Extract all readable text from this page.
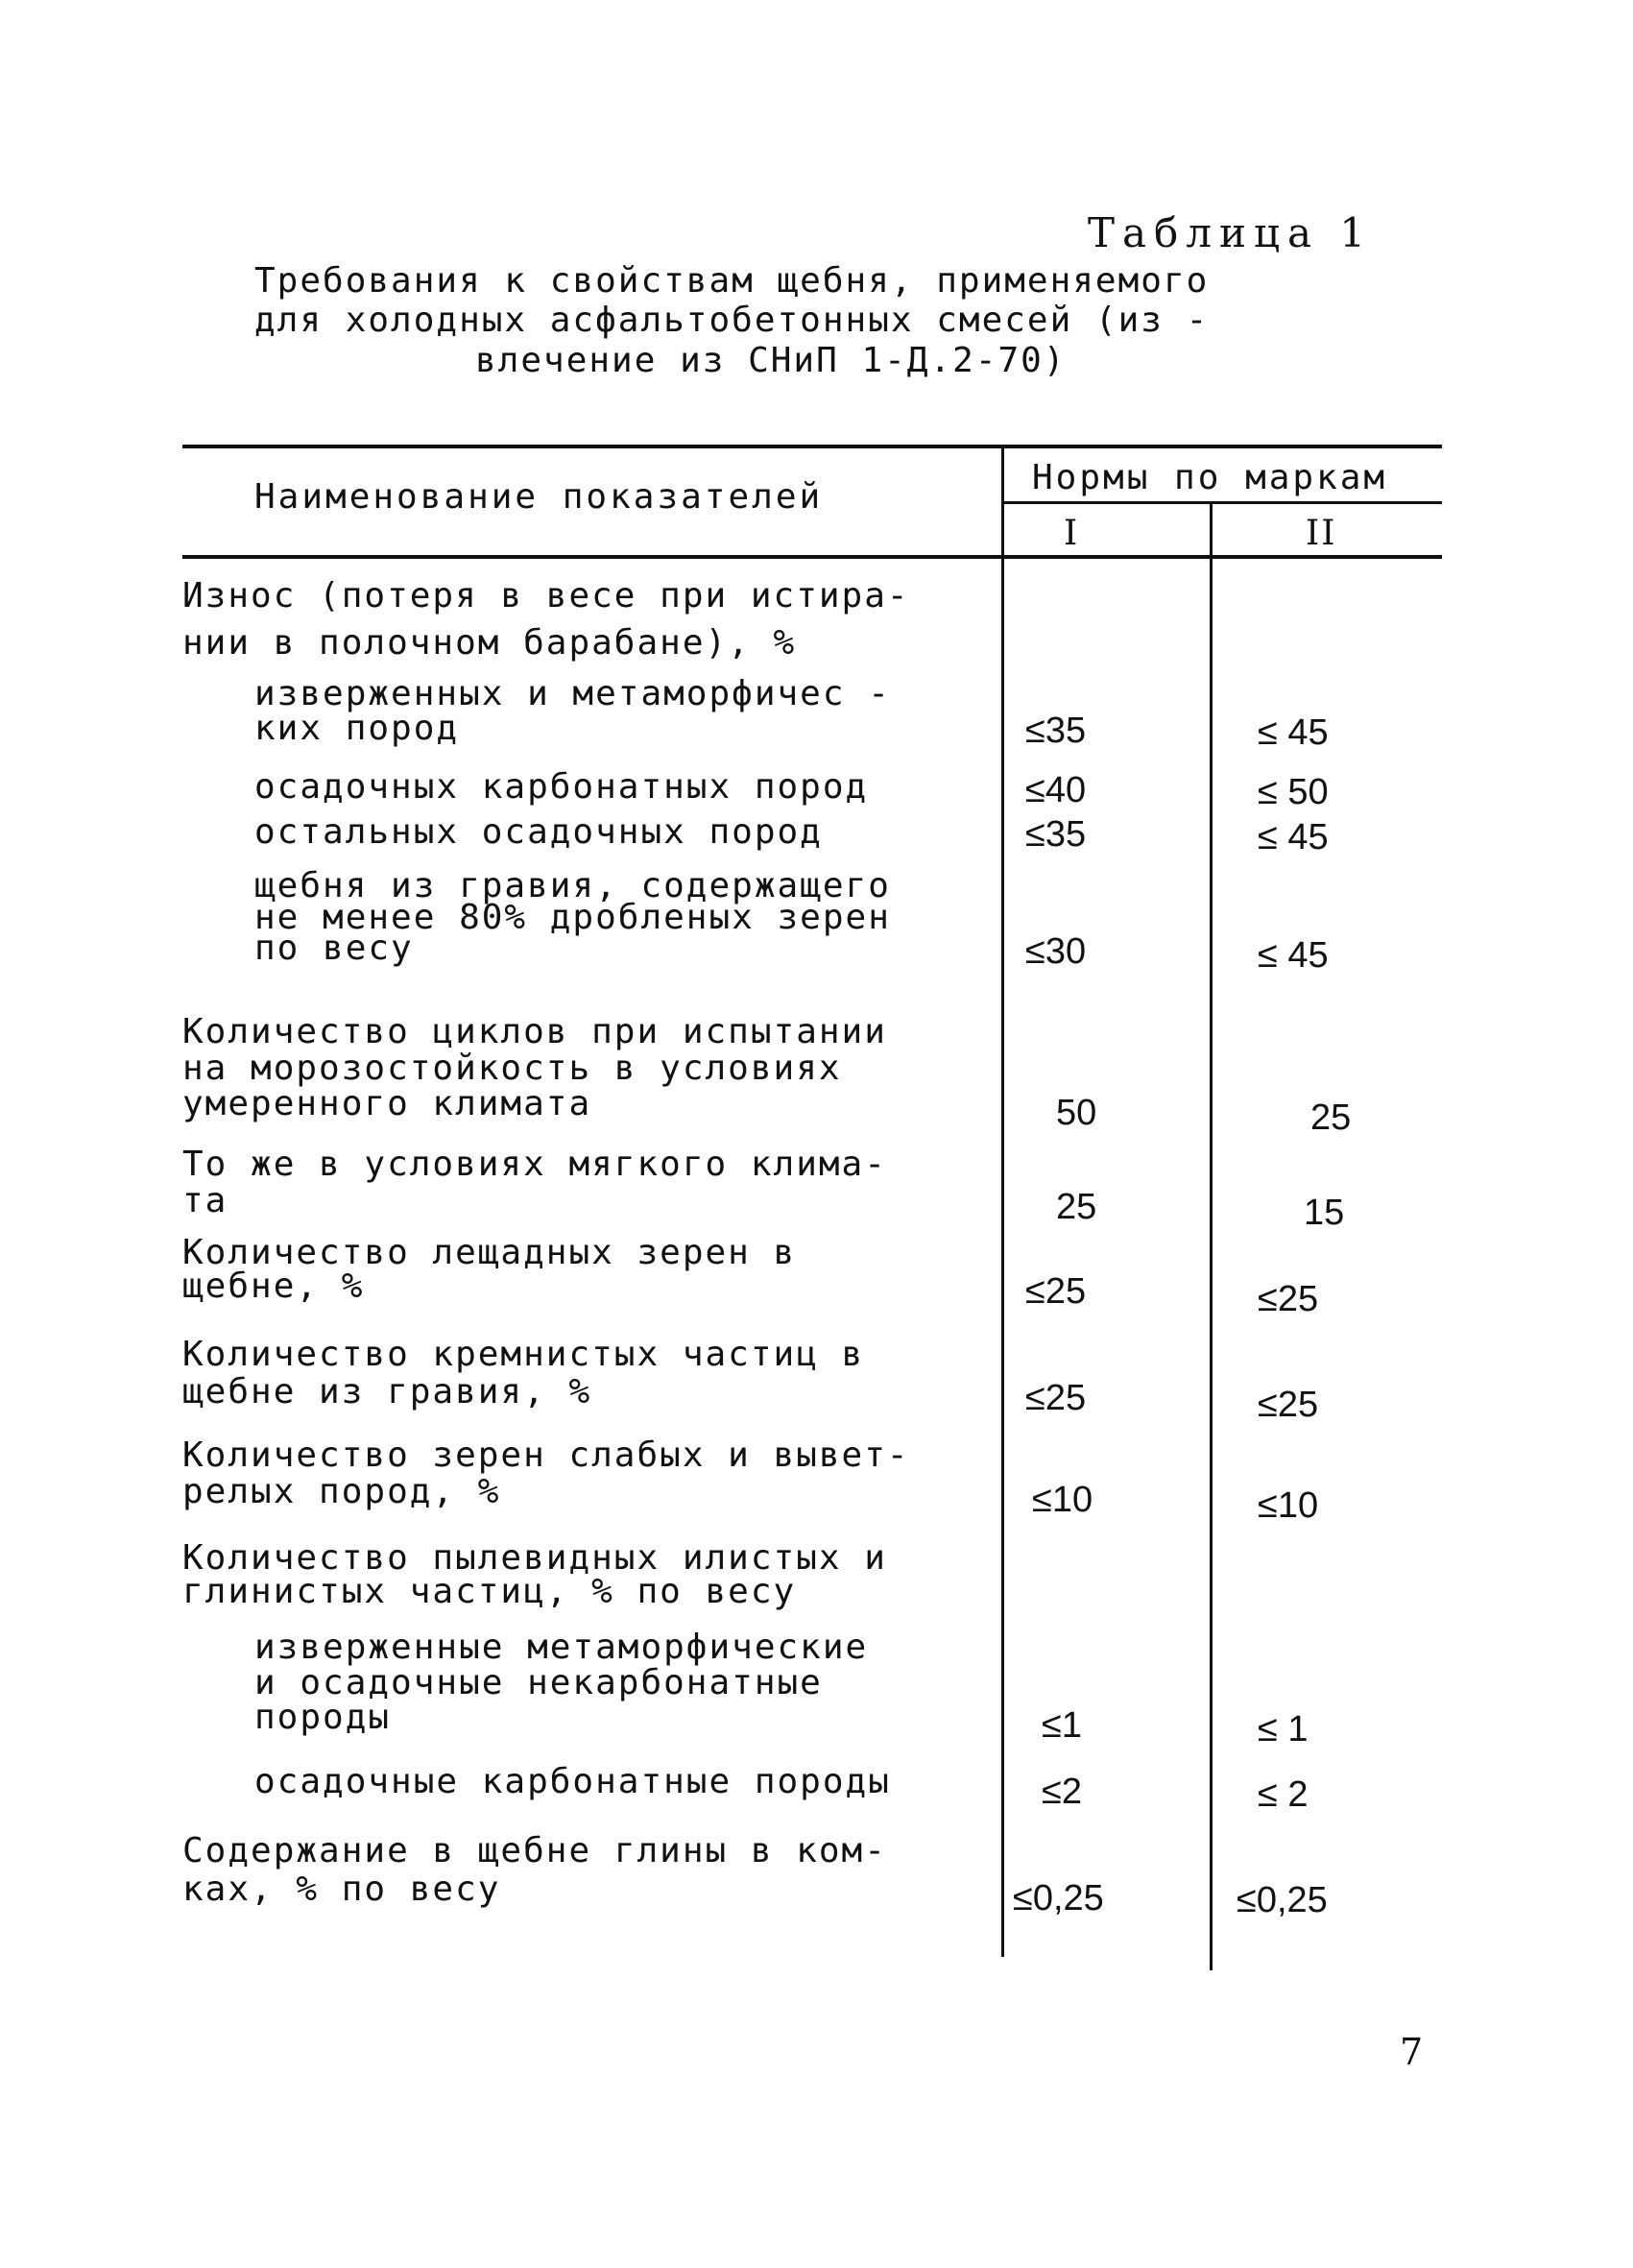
Таблица 1
Требования к свойствам щебня, применяемого
для холодных асфальтобетонных смесей (из -
влечение из СНиП 1-Д.2-70)
Наименование показателей	Нормы по маркам
I	II
Износ (потеря в весе при истира-
нии в полочном барабане), %
изверженных и метаморфичес -
ких пород
осадочных карбонатных пород
остальных осадочных пород
щебня из гравия, содержащего
не менее 80% дробленых зерен
по весу
Количество циклов при испытании
на морозостойкость в условиях
умеренного климата
То же в условиях мягкого клима-
та
Количество лещадных зерен в
щебне, %
Количество кремнистых частиц в
щебне из гравия, %
Количество зерен слабых и вывет-
релых пород, %
Количество пылевидных илистых и
глинистых частиц, % по весу
изверженные метаморфические
и осадочные некарбонатные
породы
осадочные карбонатные породы
Содержание в щебне глины в ком-
ках, % по весу
≤35
≤40
≤35
≤30
50
25
≤25
≤25
≤10
≤1
≤2
≤0,25
≤ 45
≤ 50
≤ 45
≤ 45
25
15
≤25
≤25
≤10
≤ 1
≤ 2
≤0,25
7
